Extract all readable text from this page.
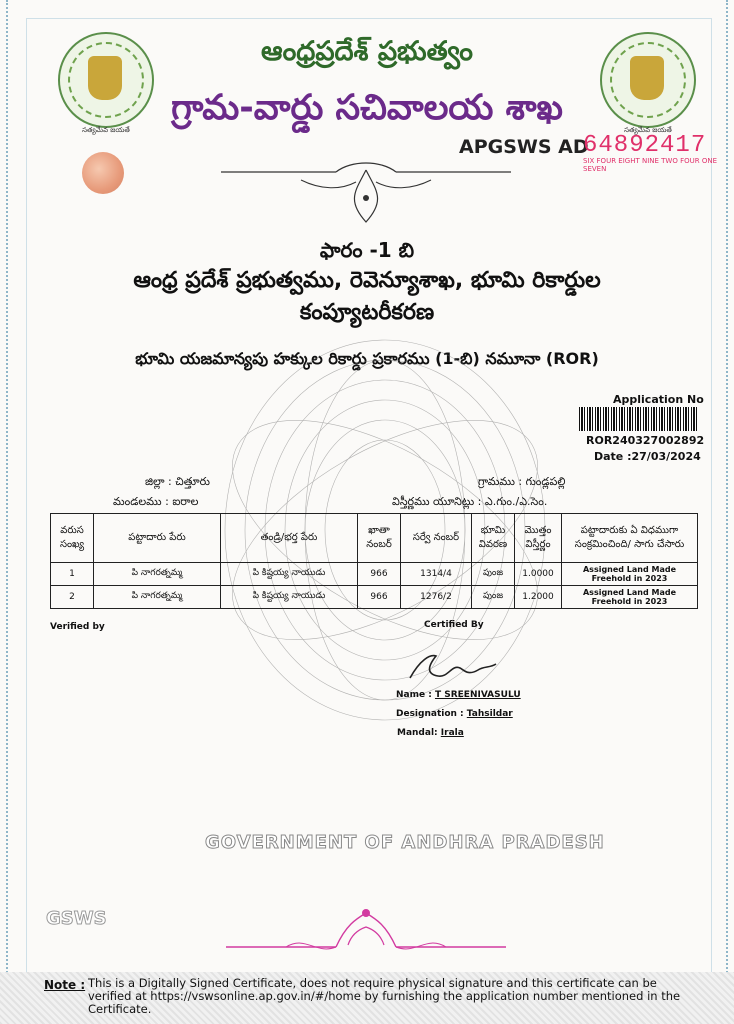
సత్యమేవ జయతే	సత్యమేవ జయతే
ఆంధ్రప్రదేశ్ ప్రభుత్వం
గ్రామ-వార్డు సచివాలయ శాఖ
APGSWS AD
64892417
SIX FOUR EIGHT NINE TWO FOUR ONE SEVEN
ఫారం -1 బి
ఆంధ్ర ప్రదేశ్ ప్రభుత్వము, రెవెన్యూశాఖ, భూమి రికార్డుల
కంప్యూటరీకరణ
భూమి యజమాన్యపు హక్కుల రికార్డు ప్రకారము (1-బి) నమూనా (ROR)
Application No
ROR240327002892
Date :27/03/2024
జిల్లా : చిత్తూరు	గ్రామము : గుండ్లపల్లి
మండలము : ఐరాల	విస్తీర్ణము యూనిట్లు : ఎ.గుం./ఎ.సెం.
వరుస సంఖ్య	పట్టాదారు పేరు	తండ్రి/భర్త పేరు	ఖాతా నంబర్	సర్వే నంబర్	భూమి వివరణ	మొత్తం విస్తీర్ణం	పట్టాదారుకు ఏ విధముగా సంక్రమించింది/ సాగు చేసారు
1	పి నాగరత్నమ్మ	పి కిష్టయ్య నాయుడు	966	1314/4	పుంజ	1.0000	Assigned Land Made Freehold in 2023
2	పి నాగరత్నమ్మ	పి కిష్టయ్య నాయుడు	966	1276/2	పుంజ	1.2000	Assigned Land Made Freehold in 2023
Verified by	Certified By
Name : T SREENIVASULU
Designation : Tahsildar
Mandal: Irala
GOVERNMENT OF ANDHRA PRADESH
GSWS
Note : This is a Digitally Signed Certificate, does not require physical signature and this certificate can be verified at https://vswsonline.ap.gov.in/#/home by furnishing the application number mentioned in the Certificate.
